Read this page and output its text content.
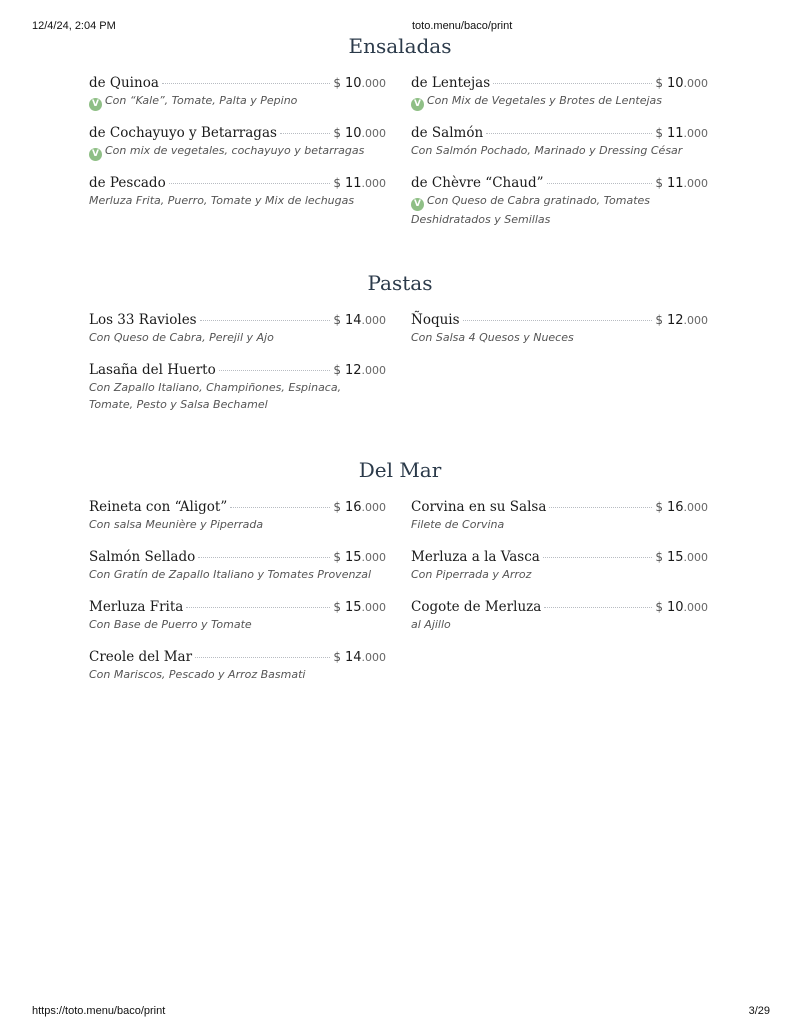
12/4/24, 2:04 PM	toto.menu/baco/print
Ensaladas
de Quinoa	$ 10.000
V Con “Kale”, Tomate, Palta y Pepino
de Cochayuyo y Betarragas	$ 10.000
V Con mix de vegetales, cochayuyo y betarragas
de Pescado	$ 11.000
Merluza Frita, Puerro, Tomate y Mix de lechugas
de Lentejas	$ 10.000
V Con Mix de Vegetales y Brotes de Lentejas
de Salmón	$ 11.000
Con Salmón Pochado, Marinado y Dressing César
de Chèvre “Chaud”	$ 11.000
V Con Queso de Cabra gratinado, Tomates Deshidratados y Semillas
Pastas
Los 33 Ravioles	$ 14.000
Con Queso de Cabra, Perejil y Ajo
Lasaña del Huerto	$ 12.000
Con Zapallo Italiano, Champiñones, Espinaca, Tomate, Pesto y Salsa Bechamel
Ñoquis	$ 12.000
Con Salsa 4 Quesos y Nueces
Del Mar
Reineta con “Aligot”	$ 16.000
Con salsa Meunière y Piperrada
Salmón Sellado	$ 15.000
Con Gratín de Zapallo Italiano y Tomates Provenzal
Merluza Frita	$ 15.000
Con Base de Puerro y Tomate
Creole del Mar	$ 14.000
Con Mariscos, Pescado y Arroz Basmati
Corvina en su Salsa	$ 16.000
Filete de Corvina
Merluza a la Vasca	$ 15.000
Con Piperrada y Arroz
Cogote de Merluza	$ 10.000
al Ajillo
https://toto.menu/baco/print	3/29
